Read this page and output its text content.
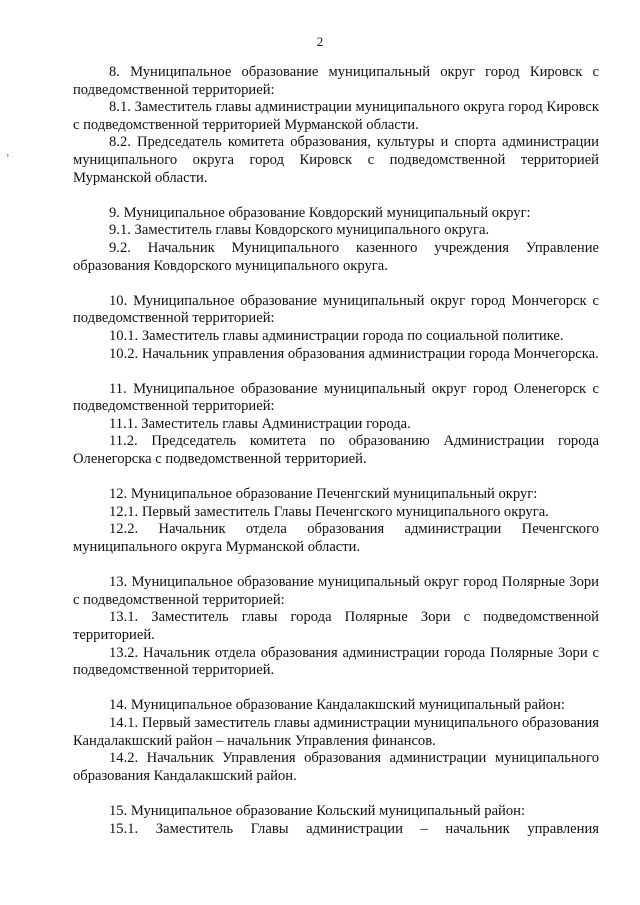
2
›

8. Муниципальное образование муниципальный округ город Кировск с подведомственной территорией:

8.1. Заместитель главы администрации муниципального округа город Кировск с подведомственной территорией Мурманской области.

8.2. Председатель комитета образования, культуры и спорта администрации муниципального округа город Кировск с подведомственной территорией Мурманской области.

9. Муниципальное образование Ковдорский муниципальный округ:

9.1. Заместитель главы Ковдорского муниципального округа.

9.2. Начальник Муниципального казенного учреждения Управление образования Ковдорского муниципального округа.

10. Муниципальное образование муниципальный округ город Мончегорск с подведомственной территорией:

10.1. Заместитель главы администрации города по социальной политике.

10.2. Начальник управления образования администрации города Мончегорска.

11. Муниципальное образование муниципальный округ город Оленегорск с подведомственной территорией:

11.1. Заместитель главы Администрации города.

11.2. Председатель комитета по образованию Администрации города Оленегорска с подведомственной территорией.

12. Муниципальное образование Печенгский муниципальный округ:

12.1. Первый заместитель Главы Печенгского муниципального округа.

12.2. Начальник отдела образования администрации Печенгского муниципального округа Мурманской области.

13. Муниципальное образование муниципальный округ город Полярные Зори с подведомственной территорией:

13.1. Заместитель главы города Полярные Зори с подведомственной территорией.

13.2. Начальник отдела образования администрации города Полярные Зори с подведомственной территорией.

14. Муниципальное образование Кандалакшский муниципальный район:

14.1. Первый заместитель главы администрации муниципального образования Кандалакшский район – начальник Управления финансов.

14.2. Начальник Управления образования администрации муниципального образования Кандалакшский район.

15. Муниципальное образование Кольский муниципальный район:

15.1. Заместитель Главы администрации – начальник управления
